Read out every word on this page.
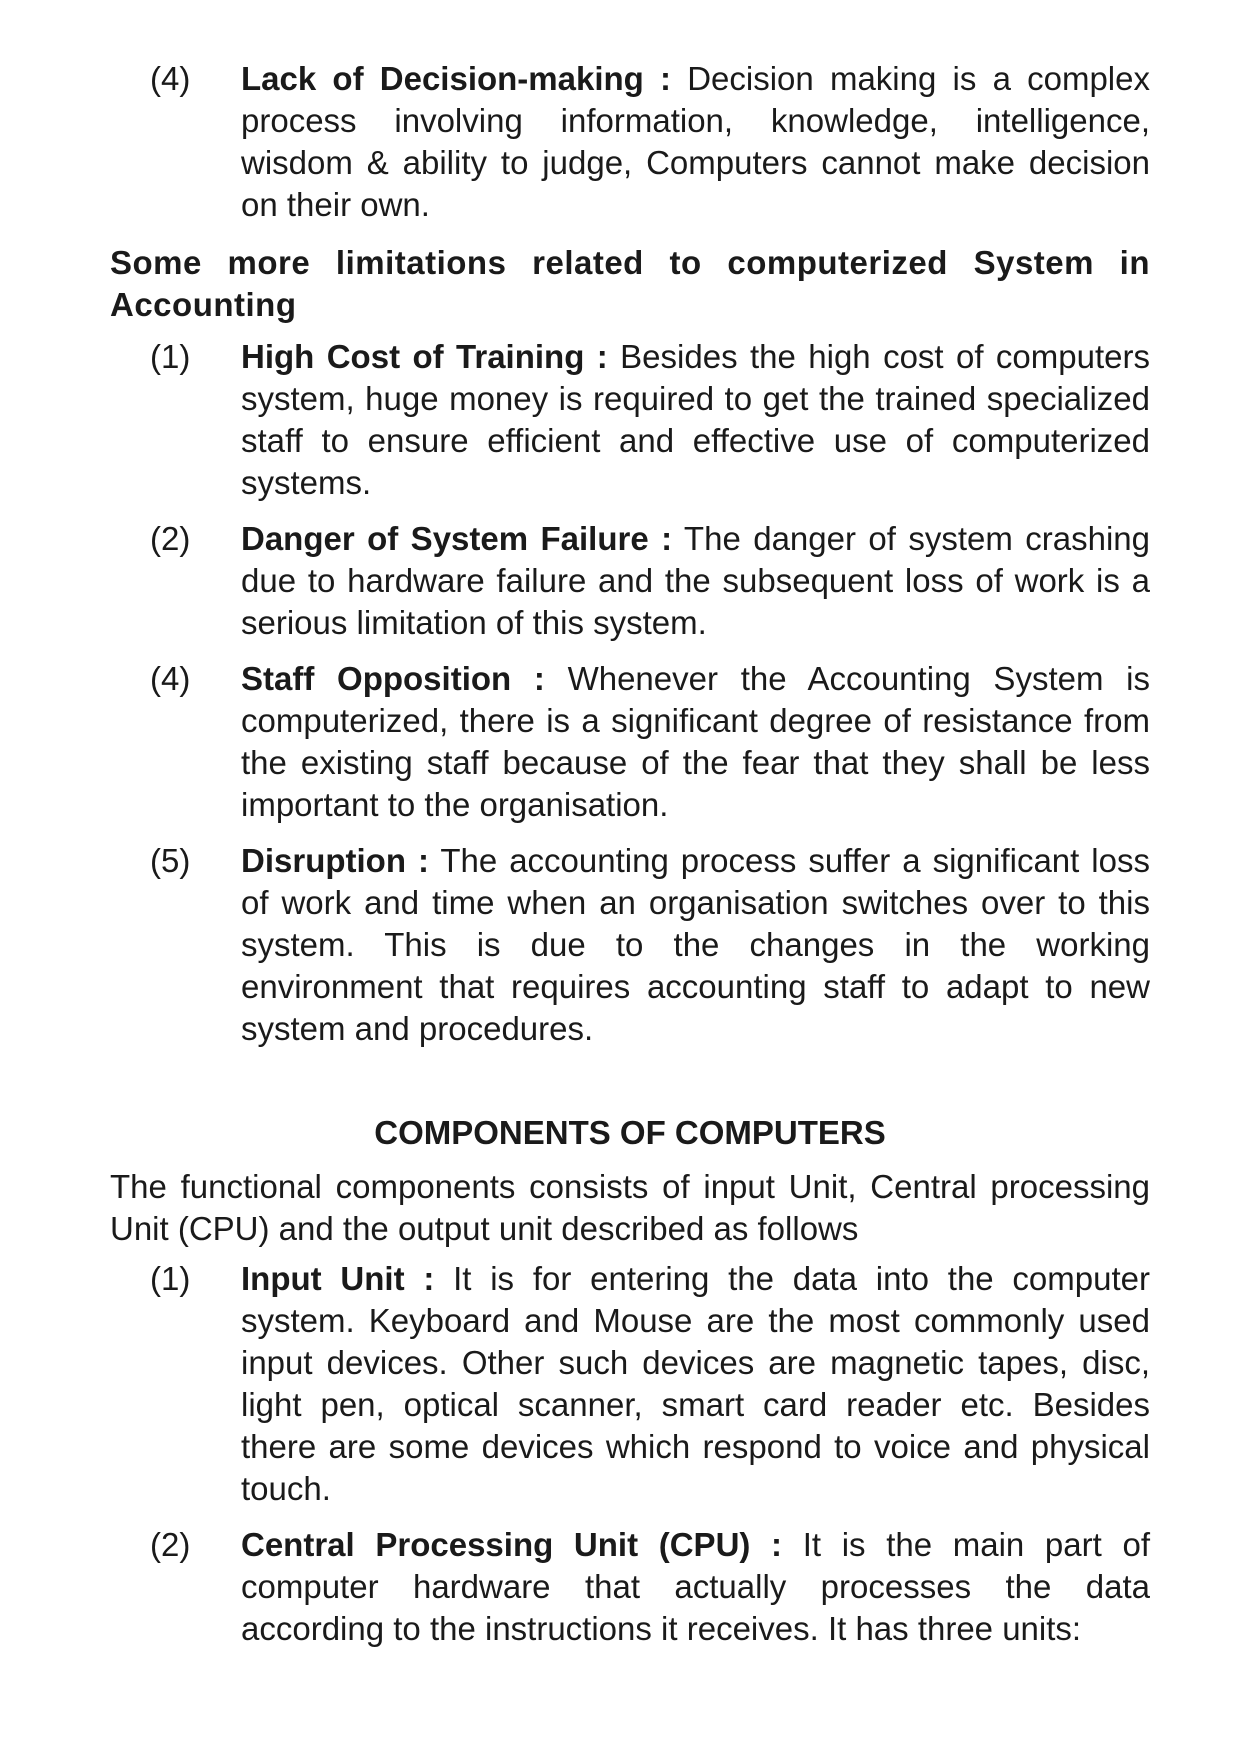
(4)	Lack of Decision-making : Decision making is a complex process involving information, knowledge, intelligence, wisdom & ability to judge, Computers cannot make decision on their own.
Some more limitations related to computerized System in Accounting
(1)	High Cost of Training : Besides the high cost of computers system, huge money is required to get the trained specialized staff to ensure efficient and effective use of computerized systems.
(2)	Danger of System Failure : The danger of system crashing due to hardware failure and the subsequent loss of work is a serious limitation of this system.
(4)	Staff Opposition : Whenever the Accounting System is computerized, there is a significant degree of resistance from the existing staff because of the fear that they shall be less important to the organisation.
(5)	Disruption : The accounting process suffer a significant loss of work and time when an organisation switches over to this system. This is due to the changes in the working environment that requires accounting staff to adapt to new system and procedures.
COMPONENTS OF COMPUTERS
The functional components consists of input Unit, Central processing Unit (CPU) and the output unit described as follows
(1)	Input Unit : It is for entering the data into the computer system. Keyboard and Mouse are the most commonly used input devices. Other such devices are magnetic tapes, disc, light pen, optical scanner, smart card reader etc. Besides there are some devices which respond to voice and physical touch.
(2)	Central Processing Unit (CPU) : It is the main part of computer hardware that actually processes the data according to the instructions it receives. It has three units:
